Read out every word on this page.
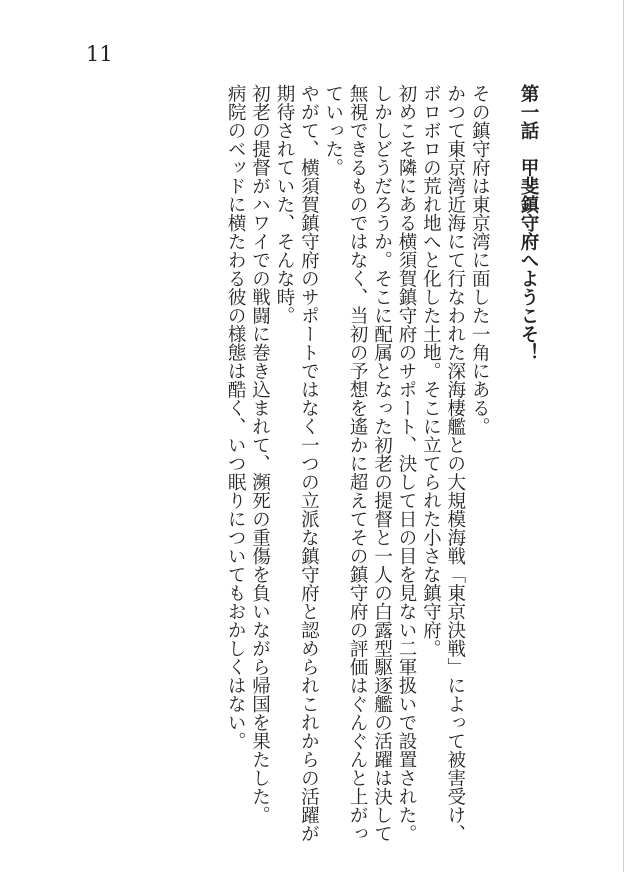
11

第一話　甲斐鎮守府へようこそ！

その鎮守府は東京湾に面した一角にある。

かつて東京湾近海にて行なわれた深海棲艦との大規模海戦「東京決戦」によって被害受け、ボロボロの荒れ地へと化した土地。そこに立てられた小さな鎮守府。

初めこそ隣にある横須賀鎮守府のサポート、決して日の目を見ない二軍扱いで設置された。

しかしどうだろうか。そこに配属となった初老の提督と一人の白露型駆逐艦の活躍は決して無視できるものではなく、当初の予想を遙かに超えてその鎮守府の評価はぐんぐんと上がっていった。

やがて、横須賀鎮守府のサポートではなく一つの立派な鎮守府と認められこれからの活躍が期待されていた、そんな時。

初老の提督がハワイでの戦闘に巻き込まれて、瀕死の重傷を負いながら帰国を果たした。

病院のベッドに横たわる彼の様態は酷く、いつ眠りについてもおかしくはない。
